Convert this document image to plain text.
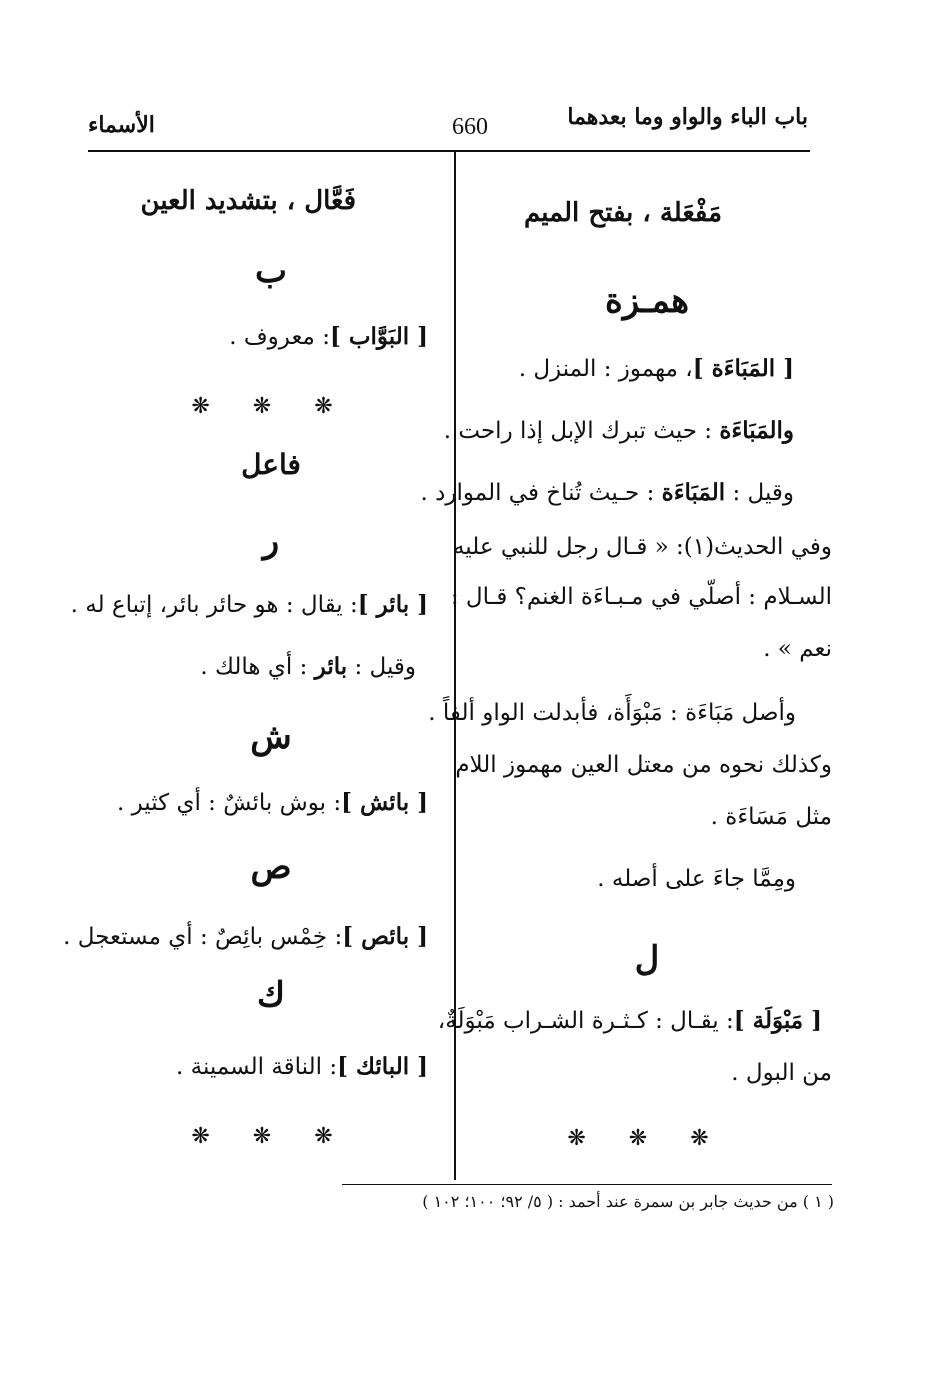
باب الباء والواو وما بعدهما
660
الأسماء
مَفْعَلة ، بفتح الميم
همـزة
[ المَبَاءَة ]، مهموز : المنزل .
والمَبَاءَة : حيث تبرك الإبل إذا راحت .
وقيل : المَبَاءَة : حـيث تُناخ في الموارد .
وفي الحديث(١): « قـال رجل للنبي عليه
السـلام : أصلّي في مـبـاءَة الغنم؟ قـال :
نعم » .
وأصل مَبَاءَة : مَبْوَأَة، فأبدلت الواو ألفاً .
وكذلك نحوه من معتل العين مهموز اللام
مثل مَسَاءَة .
ومِمَّا جاءَ على أصله .
ل
[ مَبْوَلَة ]: يقـال : كـثـرة الشـراب مَبْوَلَةٌ،
من البول .
❋ ❋ ❋
فَعَّال ، بتشديد العين
ب
[ البَوَّاب ]: معروف .
❋ ❋ ❋
فاعل
ر
[ بائر ]: يقال : هو حائر بائر، إتباع له .
وقيل : بائر : أي هالك .
ش
[ بائش ]: بوش بائشٌ : أي كثير .
ص
[ بائص ]: خِمْس بائِصٌ : أي مستعجل .
ك
[ البائك ]: الناقة السمينة .
❋ ❋ ❋
( ١ ) من حديث جابر بن سمرة عند أحمد : ( ٥/ ٩٢؛ ١٠٠؛ ١٠٢ )
